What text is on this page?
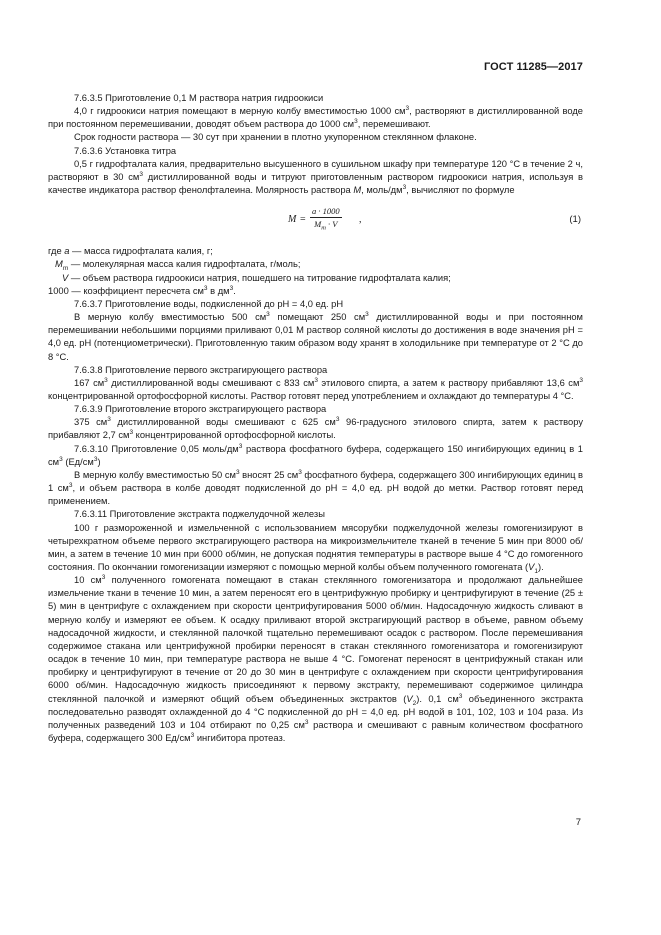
ГОСТ 11285—2017

7.6.3.5 Приготовление 0,1 М раствора натрия гидроокиси

4,0 г гидроокиси натрия помещают в мерную колбу вместимостью 1000 $см^3$, растворяют в дистиллированной воде при постоянном перемешивании, доводят объем раствора до 1000 $см^3$, перемешивают.

Срок годности раствора — 30 сут при хранении в плотно укупоренном стеклянном флаконе.

7.6.3.6 Установка титра

0,5 г гидрофталата калия, предварительно высушенного в сушильном шкафу при температуре 120 °С в течение 2 ч, растворяют в 30 $см^3$ дистиллированной воды и титруют приготовленным раствором гидроокиси натрия, используя в качестве индикатора раствор фенолфталеина. Молярность раствора M, моль/$дм^3$, вычисляют по формуле

M =
a · 1000
$M_m \cdot V$	,	(1)

где a — масса гидрофталата калия, г;

$M_m$ — молекулярная масса калия гидрофталата, г/моль;

V — объем раствора гидроокиси натрия, пошедшего на титрование гидрофталата калия;

1000 — коэффициент пересчета $см^3$ в $дм^3$.

7.6.3.7 Приготовление воды, подкисленной до рН = 4,0 ед. рН

В мерную колбу вместимостью 500 $см^3$ помещают 250 $см^3$ дистиллированной воды и при постоянном перемешивании небольшими порциями приливают 0,01 М раствор соляной кислоты до достижения в воде значения рН = 4,0 ед. рН (потенциометрически). Приготовленную таким образом воду хранят в холодильнике при температуре от 2 °С до 8 °С.

7.6.3.8 Приготовление первого экстрагирующего раствора

167 $см^3$ дистиллированной воды смешивают с 833 $см^3$ этилового спирта, а затем к раствору прибавляют 13,6 $см^3$ концентрированной ортофосфорной кислоты. Раствор готовят перед употреблением и охлаждают до температуры 4 °С.

7.6.3.9 Приготовление второго экстрагирующего раствора

375 $см^3$ дистиллированной воды смешивают с 625 $см^3$ 96-градусного этилового спирта, затем к раствору прибавляют 2,7 $см^3$ концентрированной ортофосфорной кислоты.

7.6.3.10 Приготовление 0,05 моль/$дм^3$ раствора фосфатного буфера, содержащего 150 ингибирующих единиц в 1 $см^3$ $(Ед/см^3)$

В мерную колбу вместимостью 50 $см^3$ вносят 25 $см^3$ фосфатного буфера, содержащего 300 ингибирующих единиц в 1 $см^3$, и объем раствора в колбе доводят подкисленной до рН = 4,0 ед. рН водой до метки. Раствор готовят перед применением.

7.6.3.11 Приготовление экстракта поджелудочной железы

100 г размороженной и измельченной с использованием мясорубки поджелудочной железы гомогенизируют в четырехкратном объеме первого экстрагирующего раствора на микроизмельчителе тканей в течение 5 мин при 8000 об/мин, а затем в течение 10 мин при 6000 об/мин, не допуская поднятия температуры в растворе выше 4 °С до гомогенного состояния. По окончании гомогенизации измеряют с помощью мерной колбы объем полученного гомогената $(V_1)$.

10 $см^3$ полученного гомогената помещают в стакан стеклянного гомогенизатора и продолжают дальнейшее измельчение ткани в течение 10 мин, а затем переносят его в центрифужную пробирку и центрифугируют в течение (25 ± 5) мин в центрифуге с охлаждением при скорости центрифугирования 5000 об/мин. Надосадочную жидкость сливают в мерную колбу и измеряют ее объем. К осадку приливают второй экстрагирующий раствор в объеме, равном объему надосадочной жидкости, и стеклянной палочкой тщательно перемешивают осадок с раствором. После перемешивания содержимое стакана или центрифужной пробирки переносят в стакан стеклянного гомогенизатора и гомогенизируют осадок в течение 10 мин, при температуре раствора не выше 4 °С. Гомогенат переносят в центрифужный стакан или пробирку и центрифугируют в течение от 20 до 30 мин в центрифуге с охлаждением при скорости центрифугирования 6000 об/мин. Надосадочную жидкость присоединяют к первому экстракту, перемешивают содержимое цилиндра стеклянной палочкой и измеряют общий объем объединенных экстрактов $(V_2)$. 0,1 $см^3$ объединенного экстракта последовательно разводят охлажденной до 4 °С подкисленной до рН = 4,0 ед. рН водой в 101, 102, 103 и 104 раза. Из полученных разведений 103 и 104 отбирают по 0,25 $см^3$ раствора и смешивают с равным количеством фосфатного буфера, содержащего 300 $Ед/см^3$ ингибитора протеаз.

7
